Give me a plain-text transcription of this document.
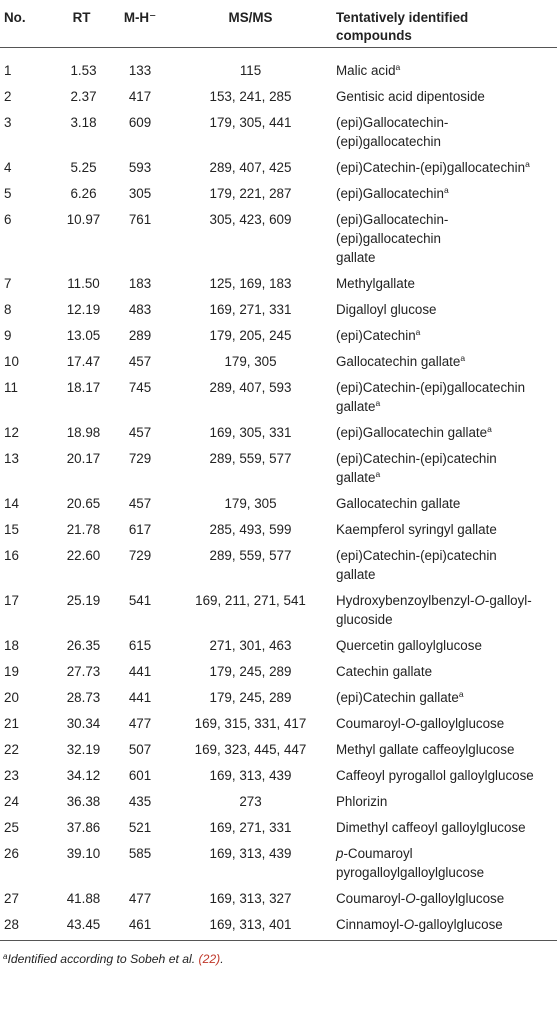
No.	RT	M-H⁻	MS/MS	Tentatively identified
compounds
1	1.53	133	115	Malic acid$^a$
2	2.37	417	153, 241, 285	Gentisic acid dipentoside
3	3.18	609	179, 305, 441	(epi)Gallocatechin-
(epi)gallocatechin
4	5.25	593	289, 407, 425	(epi)Catechin-(epi)gallocatechin$^a$
5	6.26	305	179, 221, 287	(epi)Gallocatechin$^a$
6	10.97	761	305, 423, 609	(epi)Gallocatechin-
(epi)gallocatechin
gallate
7	11.50	183	125, 169, 183	Methylgallate
8	12.19	483	169, 271, 331	Digalloyl glucose
9	13.05	289	179, 205, 245	(epi)Catechin$^a$
10	17.47	457	179, 305	Gallocatechin gallate$^a$
11	18.17	745	289, 407, 593	(epi)Catechin-(epi)gallocatechin
gallate$^a$
12	18.98	457	169, 305, 331	(epi)Gallocatechin gallate$^a$
13	20.17	729	289, 559, 577	(epi)Catechin-(epi)catechin
gallate$^a$
14	20.65	457	179, 305	Gallocatechin gallate
15	21.78	617	285, 493, 599	Kaempferol syringyl gallate
16	22.60	729	289, 559, 577	(epi)Catechin-(epi)catechin
gallate
17	25.19	541	169, 211, 271, 541	Hydroxybenzoylbenzyl-O-galloyl-
glucoside
18	26.35	615	271, 301, 463	Quercetin galloylglucose
19	27.73	441	179, 245, 289	Catechin gallate
20	28.73	441	179, 245, 289	(epi)Catechin gallate$^a$
21	30.34	477	169, 315, 331, 417	Coumaroyl-O-galloylglucose
22	32.19	507	169, 323, 445, 447	Methyl gallate caffeoylglucose
23	34.12	601	169, 313, 439	Caffeoyl pyrogallol galloylglucose
24	36.38	435	273	Phlorizin
25	37.86	521	169, 271, 331	Dimethyl caffeoyl galloylglucose
26	39.10	585	169, 313, 439	p-Coumaroyl
pyrogalloylgalloylglucose
27	41.88	477	169, 313, 327	Coumaroyl-O-galloylglucose
28	43.45	461	169, 313, 401	Cinnamoyl-O-galloylglucose
$^a$Identified according to Sobeh et al. (22).
